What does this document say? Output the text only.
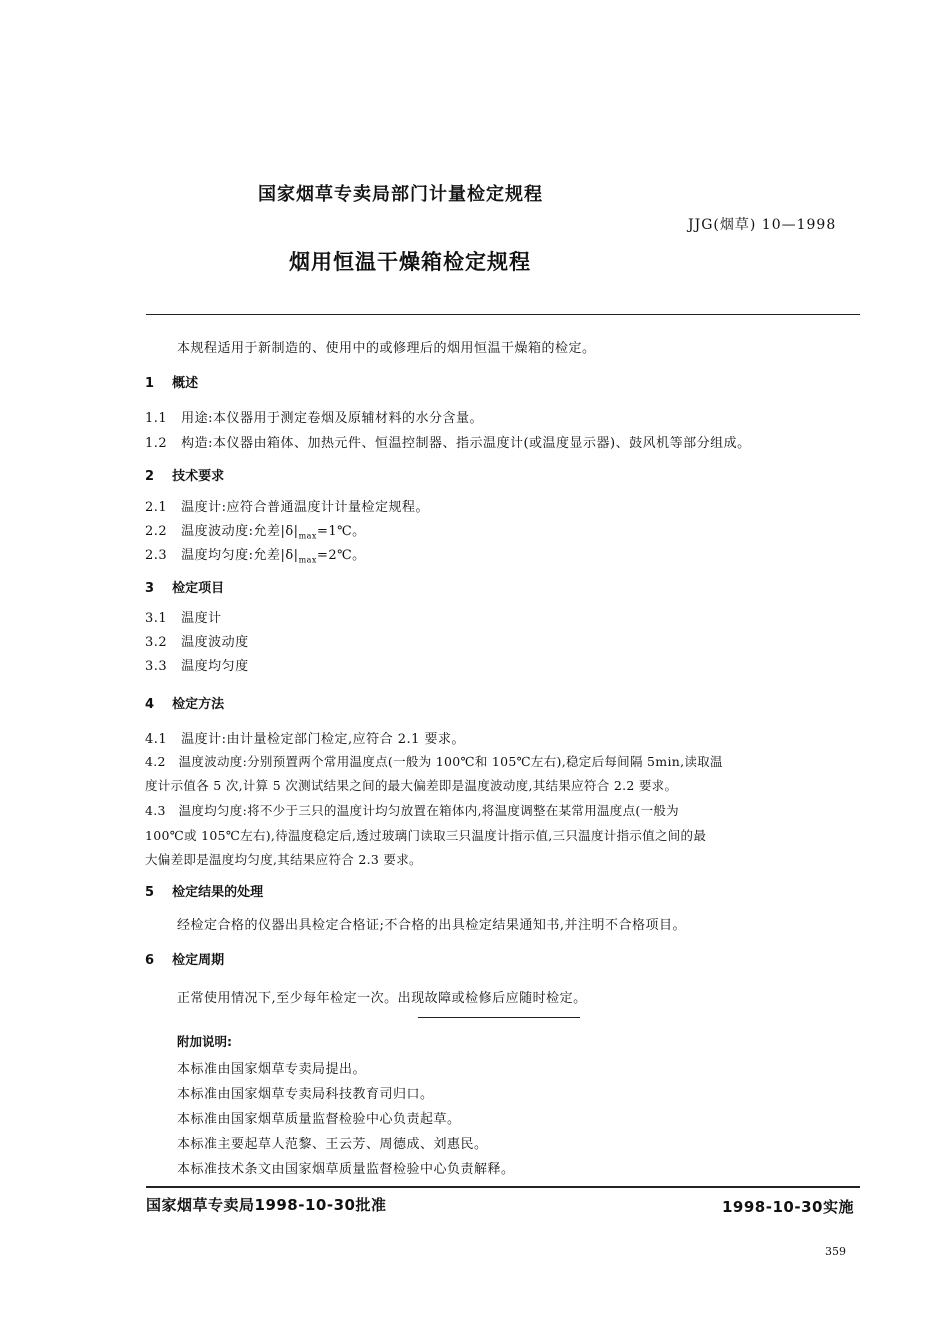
国家烟草专卖局部门计量检定规程
JJG(烟草) 10—1998
烟用恒温干燥箱检定规程
本规程适用于新制造的、使用中的或修理后的烟用恒温干燥箱的检定。
1 概述
1.1 用途:本仪器用于测定卷烟及原辅材料的水分含量。
1.2 构造:本仪器由箱体、加热元件、恒温控制器、指示温度计(或温度显示器)、鼓风机等部分组成。
2 技术要求
2.1 温度计:应符合普通温度计计量检定规程。
2.2 温度波动度:允差$|\delta|_{max}=1℃$。
2.3 温度均匀度:允差$|\delta|_{max}=2℃$。
3 检定项目
3.1 温度计
3.2 温度波动度
3.3 温度均匀度
4 检定方法
4.1 温度计:由计量检定部门检定,应符合 2.1 要求。
4.2 温度波动度:分别预置两个常用温度点(一般为 100℃和 105℃左右),稳定后每间隔 5min,读取温
度计示值各 5 次,计算 5 次测试结果之间的最大偏差即是温度波动度,其结果应符合 2.2 要求。
4.3 温度均匀度:将不少于三只的温度计均匀放置在箱体内,将温度调整在某常用温度点(一般为
100℃或 105℃左右),待温度稳定后,透过玻璃门读取三只温度计指示值,三只温度计指示值之间的最
大偏差即是温度均匀度,其结果应符合 2.3 要求。
5 检定结果的处理
经检定合格的仪器出具检定合格证;不合格的出具检定结果通知书,并注明不合格项目。
6 检定周期
正常使用情况下,至少每年检定一次。出现故障或检修后应随时检定。
附加说明:
本标准由国家烟草专卖局提出。
本标准由国家烟草专卖局科技教育司归口。
本标准由国家烟草质量监督检验中心负责起草。
本标准主要起草人范黎、王云芳、周德成、刘惠民。
本标准技术条文由国家烟草质量监督检验中心负责解释。
国家烟草专卖局1998-10-30批准	1998-10-30实施
359
